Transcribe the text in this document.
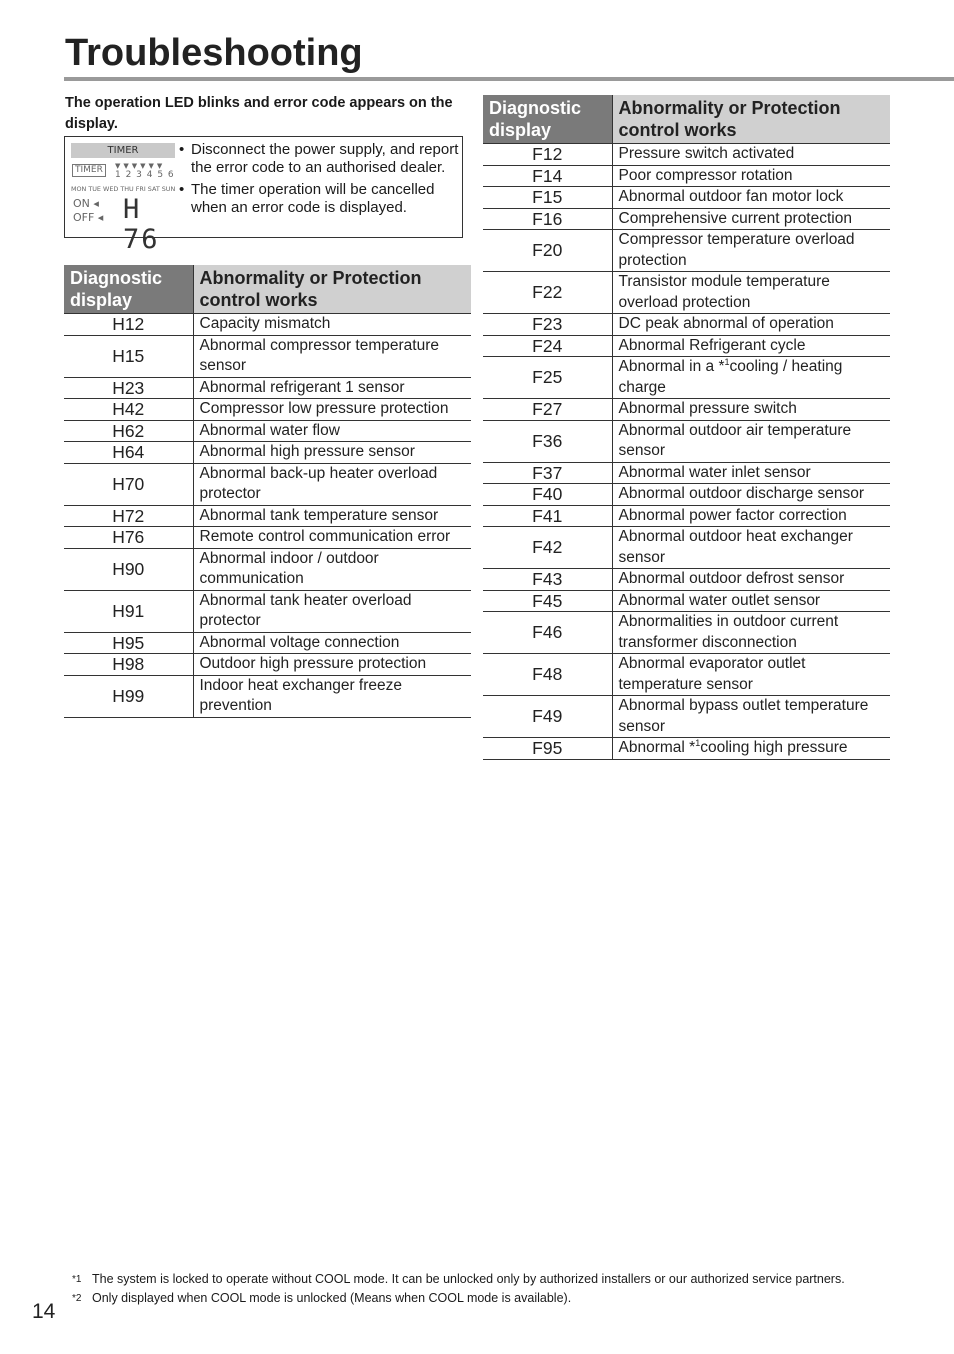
Troubleshooting
The operation LED blinks and error code appears on the display.
TIMER
TIMER	▼▼▼▼▼▼
1 2 3 4 5 6
MON TUE WED THU FRI SAT SUN
ON ◂
OFF ◂ H 76
• Disconnect the power supply, and report the error code to an authorised dealer.
• The timer operation will be cancelled when an error code is displayed.
Diagnostic display	Abnormality or Protection control works
H12	Capacity mismatch
H15	Abnormal compressor temperature sensor
H23	Abnormal refrigerant 1 sensor
H42	Compressor low pressure protection
H62	Abnormal water flow
H64	Abnormal high pressure sensor
H70	Abnormal back-up heater overload protector
H72	Abnormal tank temperature sensor
H76	Remote control communication error
H90	Abnormal indoor / outdoor communication
H91	Abnormal tank heater overload protector
H95	Abnormal voltage connection
H98	Outdoor high pressure protection
H99	Indoor heat exchanger freeze prevention
Diagnostic display	Abnormality or Protection control works
F12	Pressure switch activated
F14	Poor compressor rotation
F15	Abnormal outdoor fan motor lock
F16	Comprehensive current protection
F20	Compressor temperature overload protection
F22	Transistor module temperature overload protection
F23	DC peak abnormal of operation
F24	Abnormal Refrigerant cycle
F25	Abnormal in a *$^1$cooling / heating charge
F27	Abnormal pressure switch
F36	Abnormal outdoor air temperature sensor
F37	Abnormal water inlet sensor
F40	Abnormal outdoor discharge sensor
F41	Abnormal power factor correction
F42	Abnormal outdoor heat exchanger sensor
F43	Abnormal outdoor defrost sensor
F45	Abnormal water outlet sensor
F46	Abnormalities in outdoor current transformer disconnection
F48	Abnormal evaporator outlet temperature sensor
F49	Abnormal bypass outlet temperature sensor
F95	Abnormal *$^1$cooling high pressure
*1 The system is locked to operate without COOL mode. It can be unlocked only by authorized installers or our authorized service partners.
*2 Only displayed when COOL mode is unlocked (Means when COOL mode is available).
14
